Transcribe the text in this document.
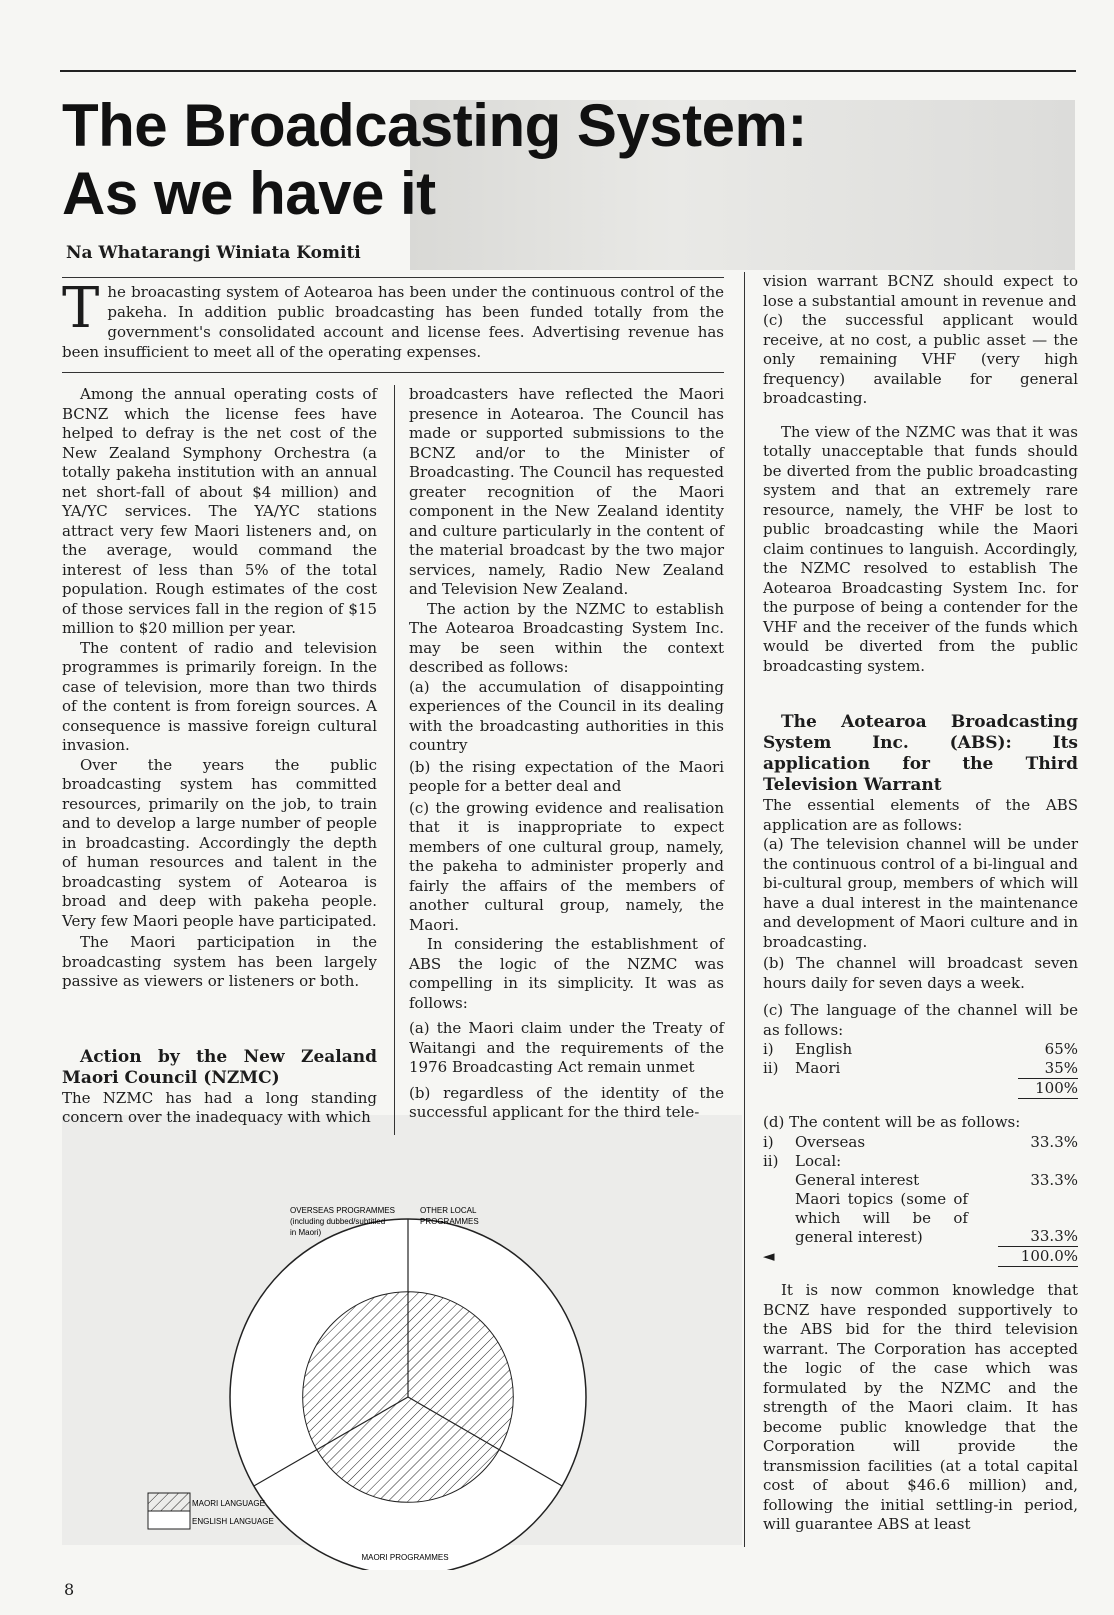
The Broadcasting System:
As we have it

Na Whatarangi Winiata Komiti

The broacasting system of Aotearoa has been under the continuous control of the pakeha. In addition public broadcasting has been funded totally from the government's consolidated account and license fees. Advertising revenue has been insufficient to meet all of the operating expenses.

Among the annual operating costs of BCNZ which the license fees have helped to defray is the net cost of the New Zealand Symphony Orchestra (a totally pakeha institution with an annual net short-fall of about $4 million) and YA/YC services. The YA/YC stations attract very few Maori listeners and, on the average, would command the interest of less than 5% of the total population. Rough estimates of the cost of those services fall in the region of $15 million to $20 million per year.

The content of radio and television programmes is primarily foreign. In the case of television, more than two thirds of the content is from foreign sources. A consequence is massive foreign cultural invasion.

Over the years the public broadcasting system has committed resources, primarily on the job, to train and to develop a large number of people in broadcasting. Accordingly the depth of human resources and talent in the broadcasting system of Aotearoa is broad and deep with pakeha people. Very few Maori people have participated.

The Maori participation in the broadcasting system has been largely passive as viewers or listeners or both.

Action by the New Zealand Maori Council (NZMC)

The NZMC has had a long standing concern over the inadequacy with which

broadcasters have reflected the Maori presence in Aotearoa. The Council has made or supported submissions to the BCNZ and/or to the Minister of Broadcasting. The Council has requested greater recognition of the Maori component in the New Zealand identity and culture particularly in the content of the material broadcast by the two major services, namely, Radio New Zealand and Television New Zealand.

The action by the NZMC to establish The Aotearoa Broadcasting System Inc. may be seen within the context described as follows:

(a) the accumulation of disappointing experiences of the Council in its dealing with the broadcasting authorities in this country

(b) the rising expectation of the Maori people for a better deal and

(c) the growing evidence and realisation that it is inappropriate to expect members of one cultural group, namely, the pakeha to administer properly and fairly the affairs of the members of another cultural group, namely, the Maori.

In considering the establishment of ABS the logic of the NZMC was compelling in its simplicity. It was as follows:

(a) the Maori claim under the Treaty of Waitangi and the requirements of the 1976 Broadcasting Act remain unmet

(b) regardless of the identity of the successful applicant for the third tele-

vision warrant BCNZ should expect to lose a substantial amount in revenue and

(c) the successful applicant would receive, at no cost, a public asset — the only remaining VHF (very high frequency) available for general broadcasting.

The view of the NZMC was that it was totally unacceptable that funds should be diverted from the public broadcasting system and that an extremely rare resource, namely, the VHF be lost to public broadcasting while the Maori claim continues to languish. Accordingly, the NZMC resolved to establish The Aotearoa Broadcasting System Inc. for the purpose of being a contender for the VHF and the receiver of the funds which would be diverted from the public broadcasting system.

The Aotearoa Broadcasting System Inc. (ABS): Its application for the Third Television Warrant

The essential elements of the ABS application are as follows:

(a) The television channel will be under the continuous control of a bi-lingual and bi-cultural group, members of which will have a dual interest in the maintenance and development of Maori culture and in broadcasting.

(b) The channel will broadcast seven hours daily for seven days a week.

(c) The language of the channel will be as follows:

i)	English	65%
ii)	Maori	35%
		100%

(d) The content will be as follows:

i)	Overseas	33.3%
ii)	Local:	
	General interest	33.3%
	Maori topics (some of which will be of general interest)	33.3%
◄		100.0%

It is now common knowledge that BCNZ have responded supportively to the ABS bid for the third television warrant. The Corporation has accepted the logic of the case which was formulated by the NZMC and the strength of the Maori claim. It has become public knowledge that the Corporation will provide the transmission facilities (at a total capital cost of about $46.6 million) and, following the initial settling-in period, will guarantee ABS at least

OVERSEAS PROGRAMMES
(including dubbed/subtitled
in Maori)
OTHER LOCAL
PROGRAMMES
MAORI PROGRAMMES
MAORI LANGUAGE
ENGLISH LANGUAGE

8
